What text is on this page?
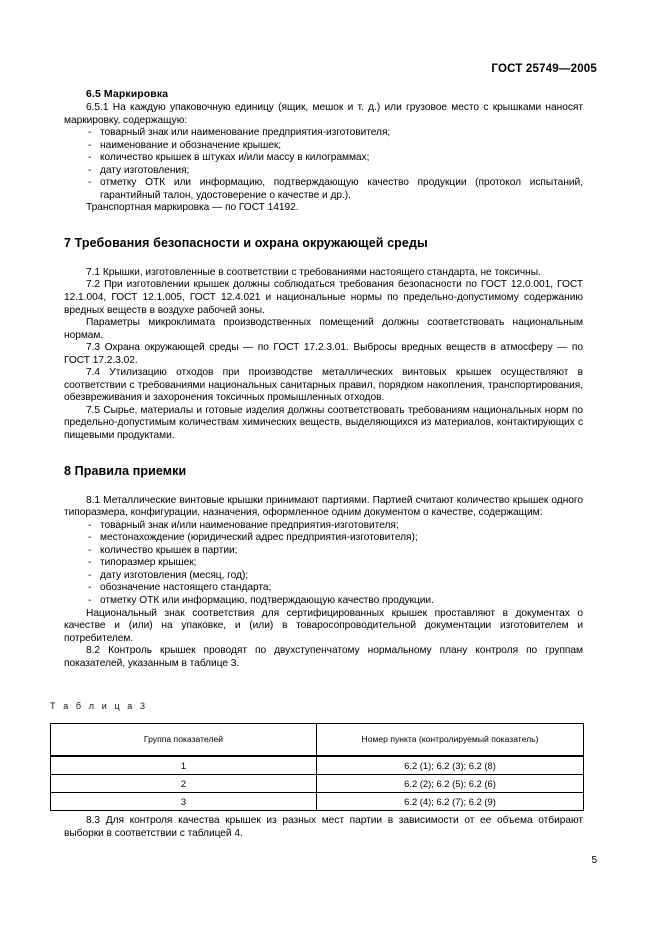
ГОСТ 25749—2005
6.5 Маркировка

6.5.1 На каждую упаковочную единицу (ящик, мешок и т. д.) или грузовое место с крышками наносят маркировку, содержащую:

- товарный знак или наименование предприятия-изготовителя;
- наименование и обозначение крышек;
- количество крышек в штуках и/или массу в килограммах;
- дату изготовления;
- отметку ОТК или информацию, подтверждающую качество продукции (протокол испытаний, гарантийный талон, удостоверение о качестве и др.).

Транспортная маркировка — по ГОСТ 14192.

7 Требования безопасности и охрана окружающей среды

7.1 Крышки, изготовленные в соответствии с требованиями настоящего стандарта, не токсичны.

7.2 При изготовлении крышек должны соблюдаться требования безопасности по ГОСТ 12.0.001, ГОСТ 12.1.004, ГОСТ 12.1.005, ГОСТ 12.4.021 и национальные нормы по предельно-допустимому содержанию вредных веществ в воздухе рабочей зоны.

Параметры микроклимата производственных помещений должны соответствовать национальным нормам.

7.3 Охрана окружающей среды — по ГОСТ 17.2.3.01. Выбросы вредных веществ в атмосферу — по ГОСТ 17.2.3.02.

7.4 Утилизацию отходов при производстве металлических винтовых крышек осуществляют в соответствии с требованиями национальных санитарных правил, порядком накопления, транспортирования, обезвреживания и захоронения токсичных промышленных отходов.

7.5 Сырье, материалы и готовые изделия должны соответствовать требованиям национальных норм по предельно-допустимым количествам химических веществ, выделяющихся из материалов, контактирующих с пищевыми продуктами.

8 Правила приемки

8.1 Металлические винтовые крышки принимают партиями. Партией считают количество крышек одного типоразмера, конфигурации, назначения, оформленное одним документом о качестве, содержащим:

- товарный знак и/или наименование предприятия-изготовителя;
- местонахождение (юридический адрес предприятия-изготовителя);
- количество крышек в партии;
- типоразмер крышек;
- дату изготовления (месяц, год);
- обозначение настоящего стандарта;
- отметку ОТК или информацию, подтверждающую качество продукции.

Национальный знак соответствия для сертифицированных крышек проставляют в документах о качестве и (или) на упаковке, и (или) в товаросопроводительной документации изготовителем и потребителем.

8.2 Контроль крышек проводят по двухступенчатому нормальному плану контроля по группам показателей, указанным в таблице 3.

Т а б л и ц а 3
Группа показателей	Номер пункта (контролируемый показатель)
1	6.2 (1); 6.2 (3); 6.2 (8)
2	6.2 (2); 6.2 (5); 6.2 (6)
3	6.2 (4); 6.2 (7); 6.2 (9)

8.3 Для контроля качества крышек из разных мест партии в зависимости от ее объема отбирают выборки в соответствии с таблицей 4.

5
